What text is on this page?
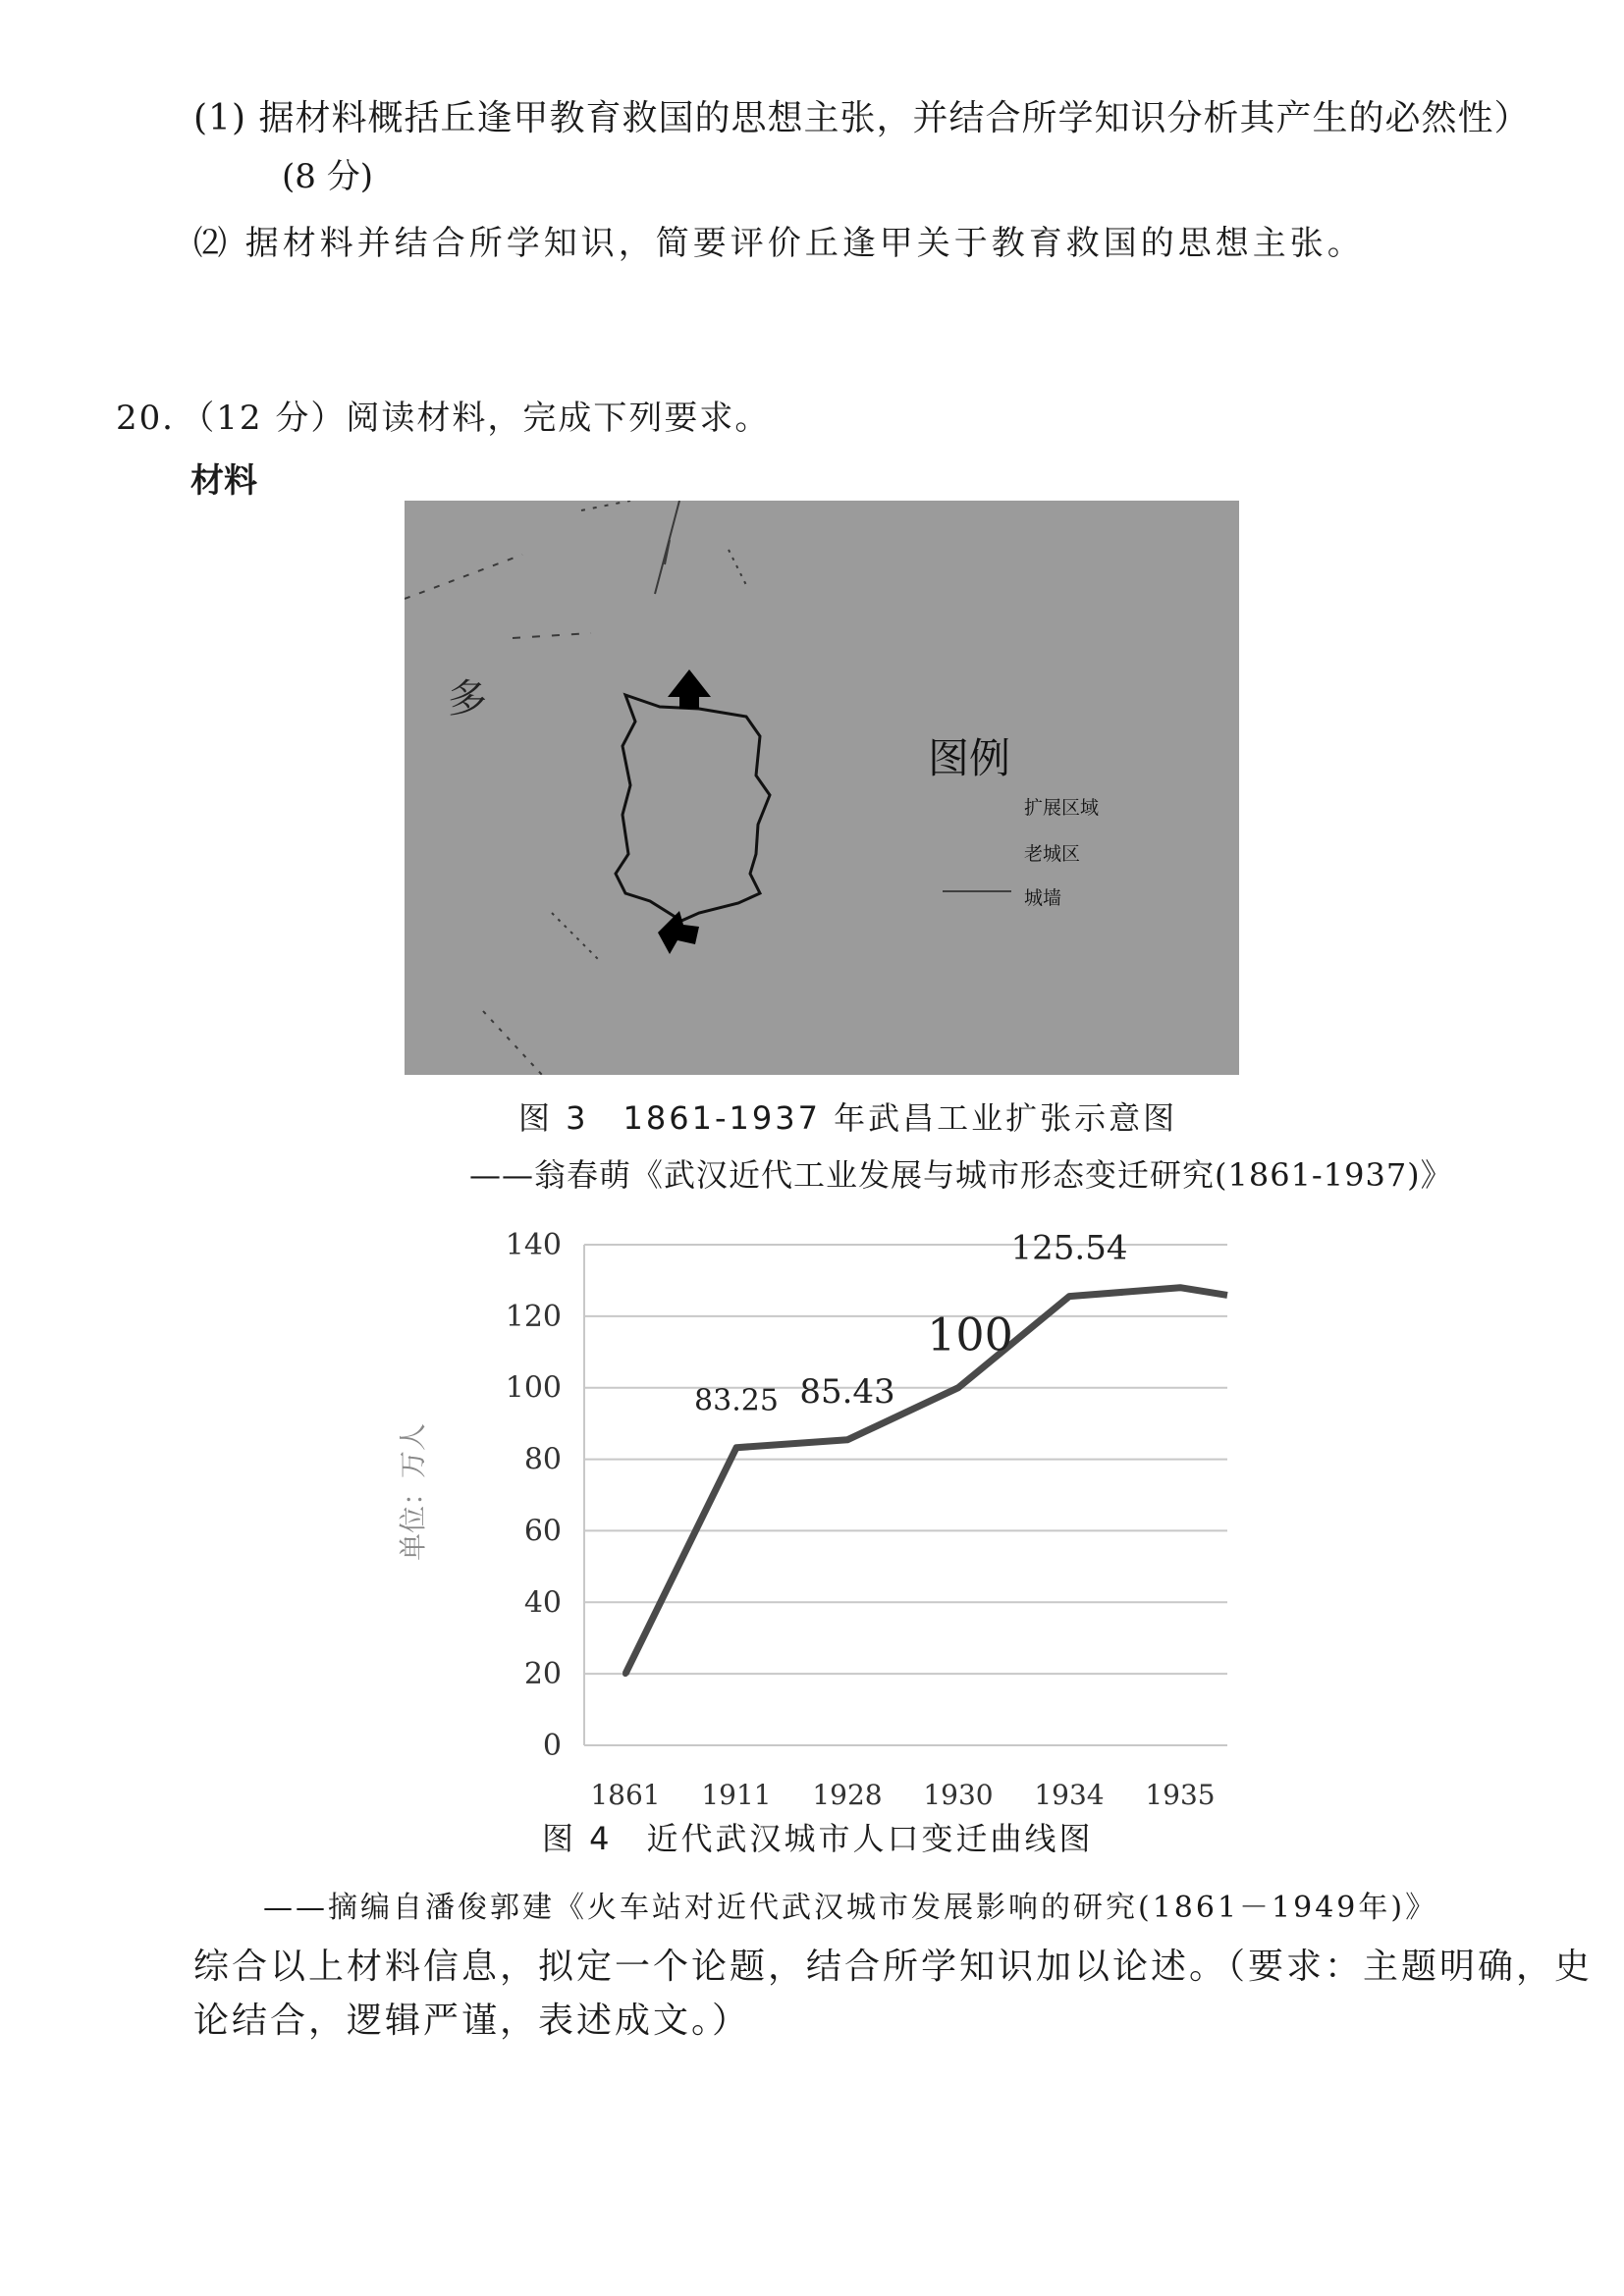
(1) 据材料概括丘逢甲教育救国的思想主张，并结合所学知识分析其产生的必然性）
(8 分)
⑵ 据材料并结合所学知识，简要评价丘逢甲关于教育救国的思想主张。
20．（12 分）阅读材料，完成下列要求。
材料
多
图例
扩展区域
老城区
城墙
图 3　1861-1937 年武昌工业扩张示意图
——翁春萌《武汉近代工业发展与城市形态变迁研究(1861-1937)》
0
20
40
60
80
100
120
140
1861 1911 1928 1930 1934 1935
单位：万人
83.25 85.43
100
125.54
图 4　近代武汉城市人口变迁曲线图
——摘编自潘俊郭建《火车站对近代武汉城市发展影响的研究(1861－1949年)》
综合以上材料信息，拟定一个论题，结合所学知识加以论述。（要求：主题明确，史
论结合，逻辑严谨，表述成文。）
